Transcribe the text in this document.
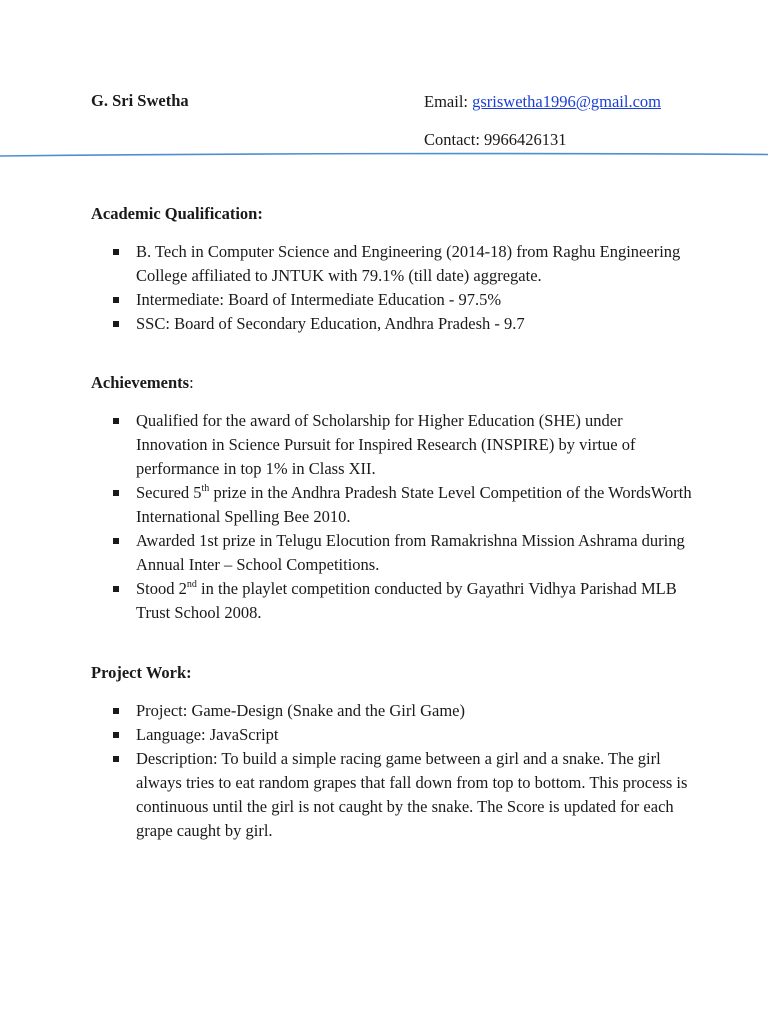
G. Sri Swetha	Email: gsriswetha1996@gmail.com
Contact: 9966426131
Academic Qualification:
B. Tech in Computer Science and Engineering (2014-18) from Raghu Engineering College affiliated to JNTUK with 79.1% (till date) aggregate.
Intermediate: Board of Intermediate Education - 97.5%
SSC: Board of Secondary Education, Andhra Pradesh - 9.7
Achievements:
Qualified for the award of Scholarship for Higher Education (SHE) under Innovation in Science Pursuit for Inspired Research (INSPIRE) by virtue of performance in top 1% in Class XII.
Secured 5th prize in the Andhra Pradesh State Level Competition of the WordsWorth International Spelling Bee 2010.
Awarded 1st prize in Telugu Elocution from Ramakrishna Mission Ashrama during Annual Inter – School Competitions.
Stood 2nd in the playlet competition conducted by Gayathri Vidhya Parishad MLB Trust School 2008.
Project Work:
Project: Game-Design (Snake and the Girl Game)
Language: JavaScript
Description: To build a simple racing game between a girl and a snake. The girl always tries to eat random grapes that fall down from top to bottom. This process is continuous until the girl is not caught by the snake. The Score is updated for each grape caught by girl.
